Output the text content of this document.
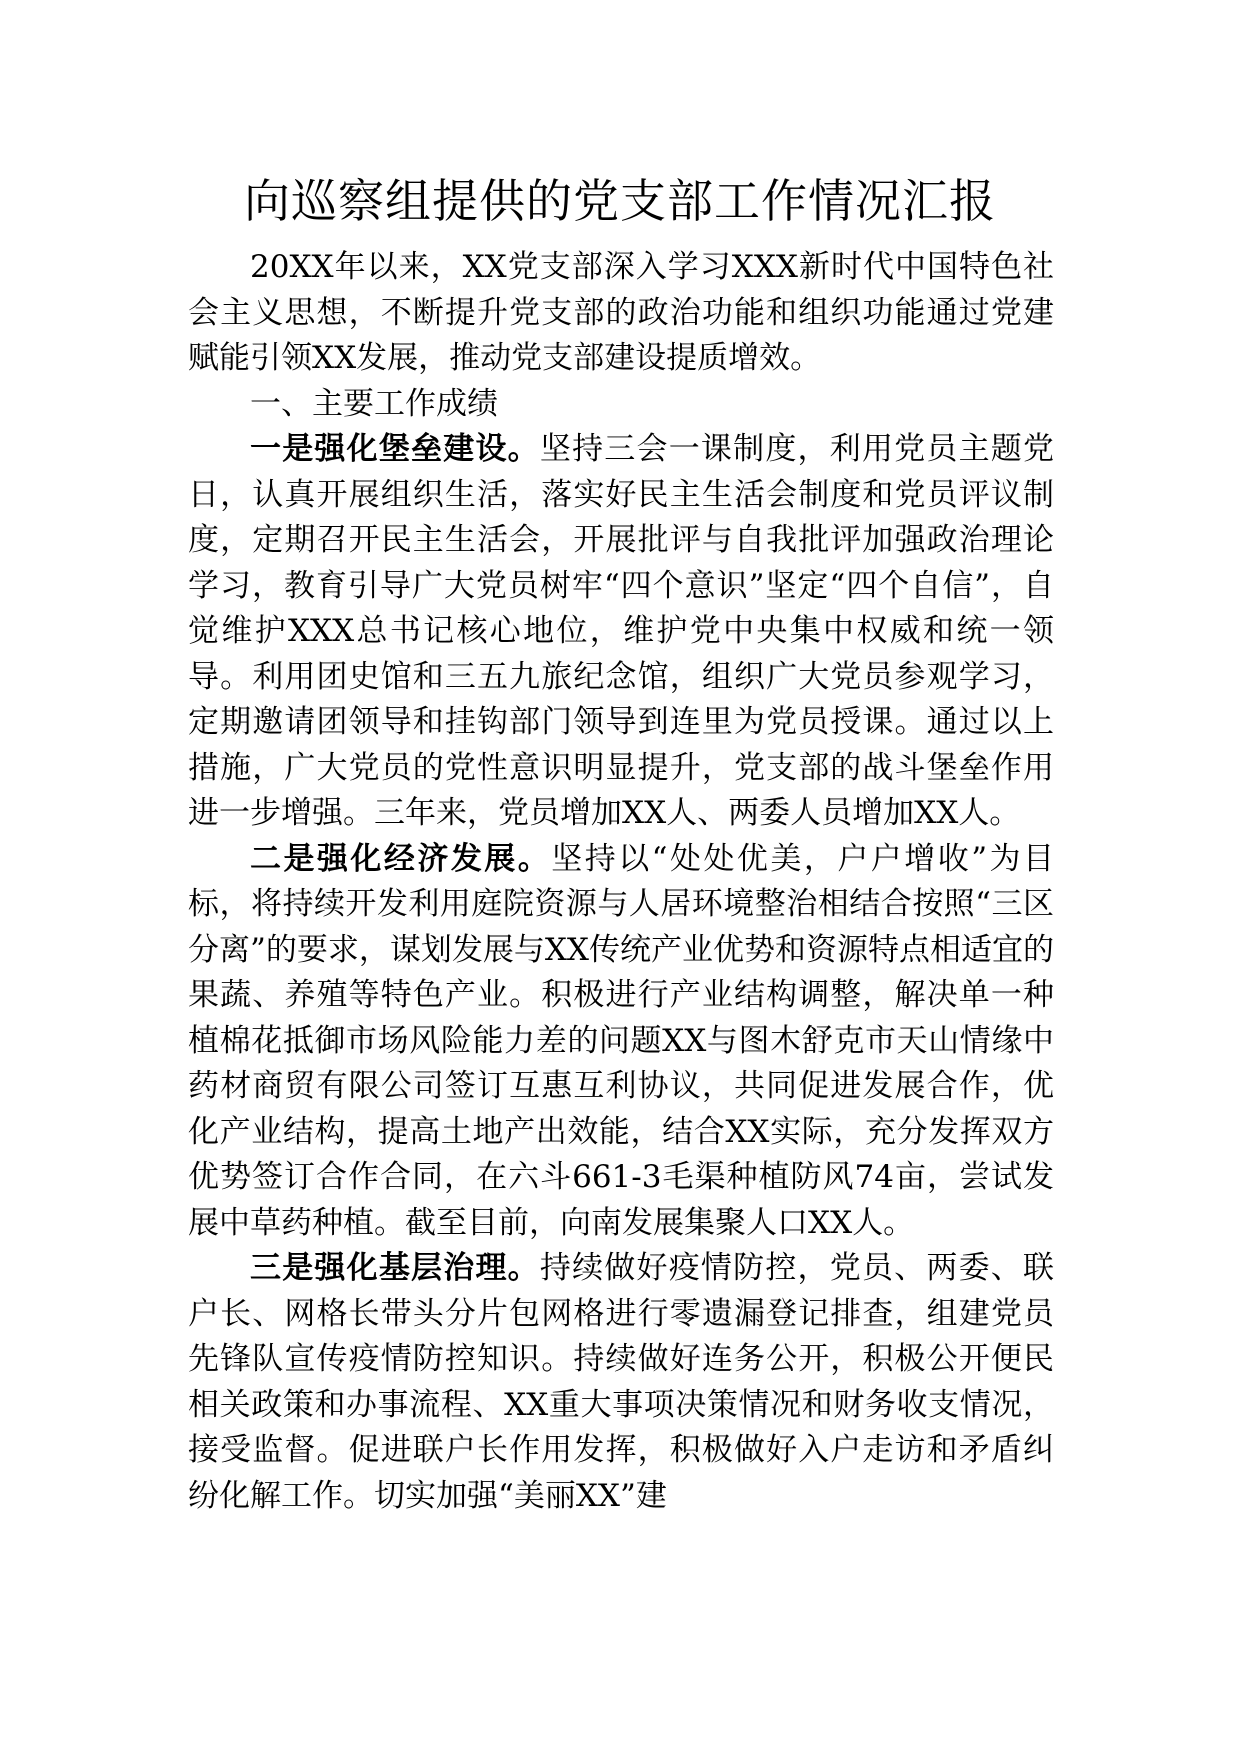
向巡察组提供的党支部工作情况汇报

20XX年以来，XX党支部深入学习XXX新时代中国特色社会主义思想，不断提升党支部的政治功能和组织功能通过党建赋能引领XX发展，推动党支部建设提质增效。

一、主要工作成绩

一是强化堡垒建设。坚持三会一课制度，利用党员主题党日，认真开展组织生活，落实好民主生活会制度和党员评议制度，定期召开民主生活会，开展批评与自我批评加强政治理论学习，教育引导广大党员树牢“四个意识”坚定“四个自信”，自觉维护XXX总书记核心地位，维护党中央集中权威和统一领导。利用团史馆和三五九旅纪念馆，组织广大党员参观学习，定期邀请团领导和挂钩部门领导到连里为党员授课。通过以上措施，广大党员的党性意识明显提升，党支部的战斗堡垒作用进一步增强。三年来，党员增加XX人、两委人员增加XX人。

二是强化经济发展。坚持以“处处优美，户户增收”为目标，将持续开发利用庭院资源与人居环境整治相结合按照“三区分离”的要求，谋划发展与XX传统产业优势和资源特点相适宜的果蔬、养殖等特色产业。积极进行产业结构调整，解决单一种植棉花抵御市场风险能力差的问题XX与图木舒克市天山情缘中药材商贸有限公司签订互惠互利协议，共同促进发展合作，优化产业结构，提高土地产出效能，结合XX实际，充分发挥双方优势签订合作合同，在六斗661-3毛渠种植防风74亩，尝试发展中草药种植。截至目前，向南发展集聚人口XX人。

三是强化基层治理。持续做好疫情防控，党员、两委、联户长、网格长带头分片包网格进行零遗漏登记排查，组建党员先锋队宣传疫情防控知识。持续做好连务公开，积极公开便民相关政策和办事流程、XX重大事项决策情况和财务收支情况，接受监督。促进联户长作用发挥，积极做好入户走访和矛盾纠纷化解工作。切实加强“美丽XX”建
